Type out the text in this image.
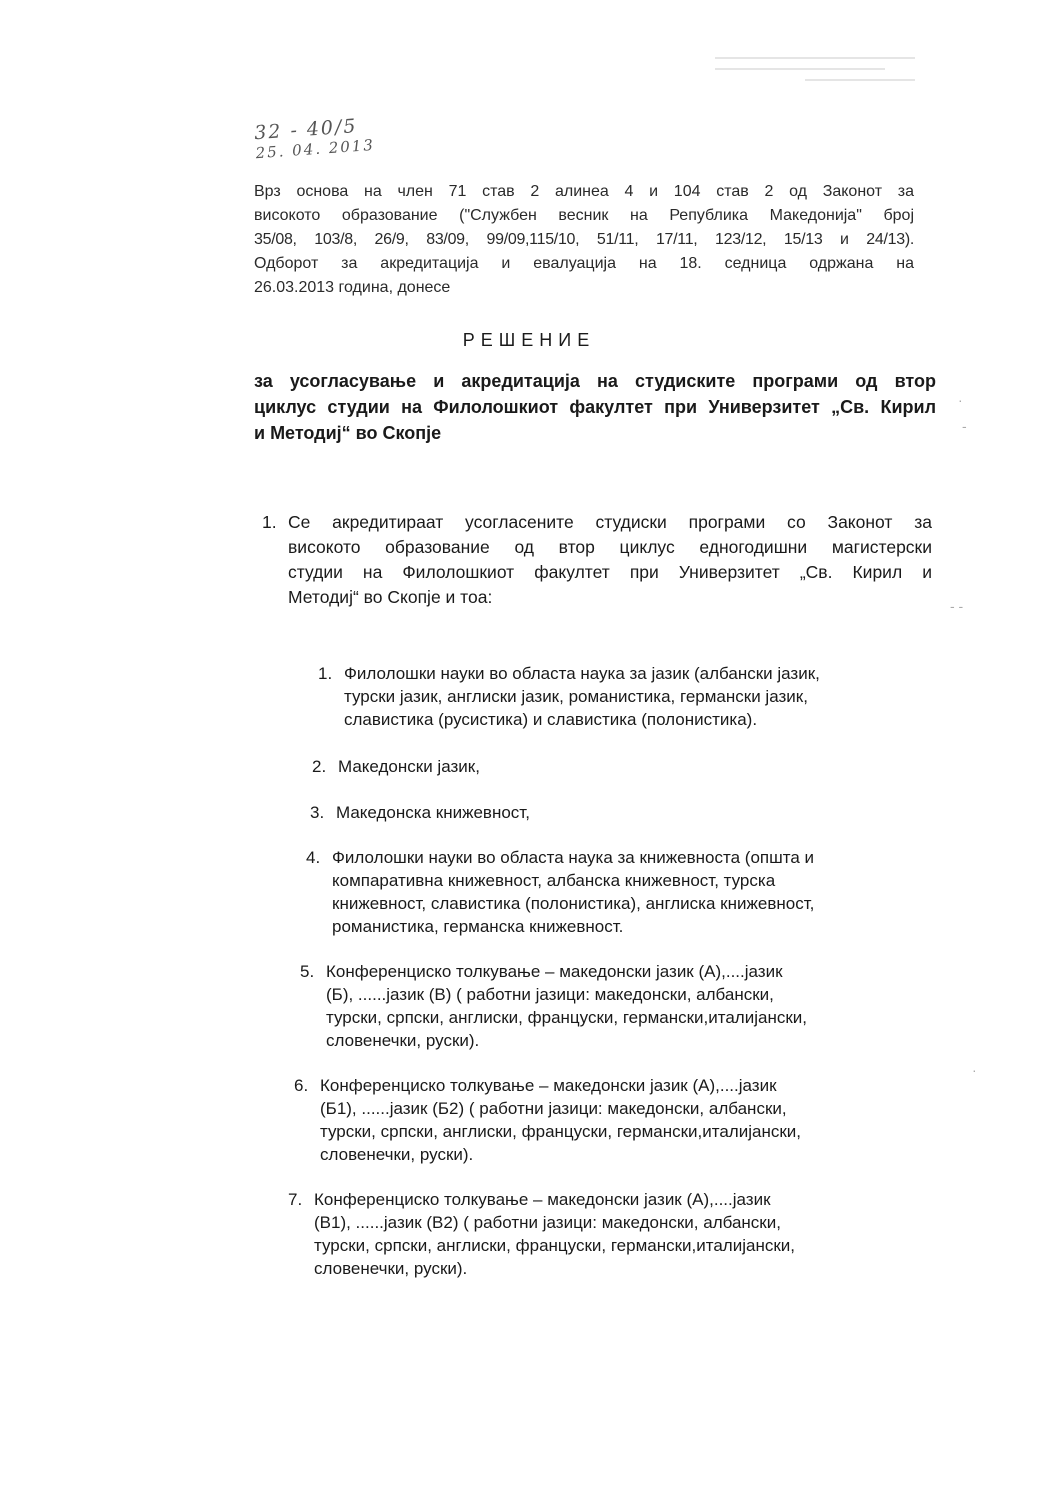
32 - 40/5
25. 04. 2013
Врз основа на член 71 став 2 алинеа 4 и 104 став 2 од Законот за
високото образование ("Службен весник на Република Македонија" број
35/08, 103/8, 26/9, 83/09, 99/09,115/10, 51/11, 17/11, 123/12, 15/13 и 24/13).
Одборот за акредитација и евалуација на 18. седница одржана на
26.03.2013 година, донесе
РЕШЕНИЕ
за усогласување и акредитација на студиските програми од втор
циклус студии на Филолошкиот факултет при Универзитет „Св. Кирил
и Методиј“ во Скопје
1. Се акредитираат усогласените студиски програми со Законот за
високото образование од втор циклус едногодишни магистерски
студии на Филолошкиот факултет при Универзитет „Св. Кирил и
Методиј“ во Скопје и тоа:
1. Филолошки науки во областа наука за јазик (албански јазик,
турски јазик, англиски јазик, романистика, германски јазик,
славистика (русистика) и славистика (полонистика).
2. Македонски јазик,
3. Македонска книжевност,
4. Филолошки науки во областа наука за книжевноста (општа и
компаративна книжевност, албанска книжевност, турска
книжевност, славистика (полонистика), англиска книжевност,
романистика, германска книжевност.
5. Конференциско толкување – македонски јазик (А),....јазик
(Б), ......јазик (В) ( работни јазици: македонски, албански,
турски, српски, англиски, француски, германски,италијански,
словенечки, руски).
6. Конференциско толкување – македонски јазик (А),....јазик
(Б1), ......јазик (Б2) ( работни јазици: македонски, албански,
турски, српски, англиски, француски, германски,италијански,
словенечки, руски).
7. Конференциско толкување – македонски јазик (А),....јазик
(В1), ......јазик (В2) ( работни јазици: македонски, албански,
турски, српски, англиски, француски, германски,италијански,
словенечки, руски).
·
-
- -
·
